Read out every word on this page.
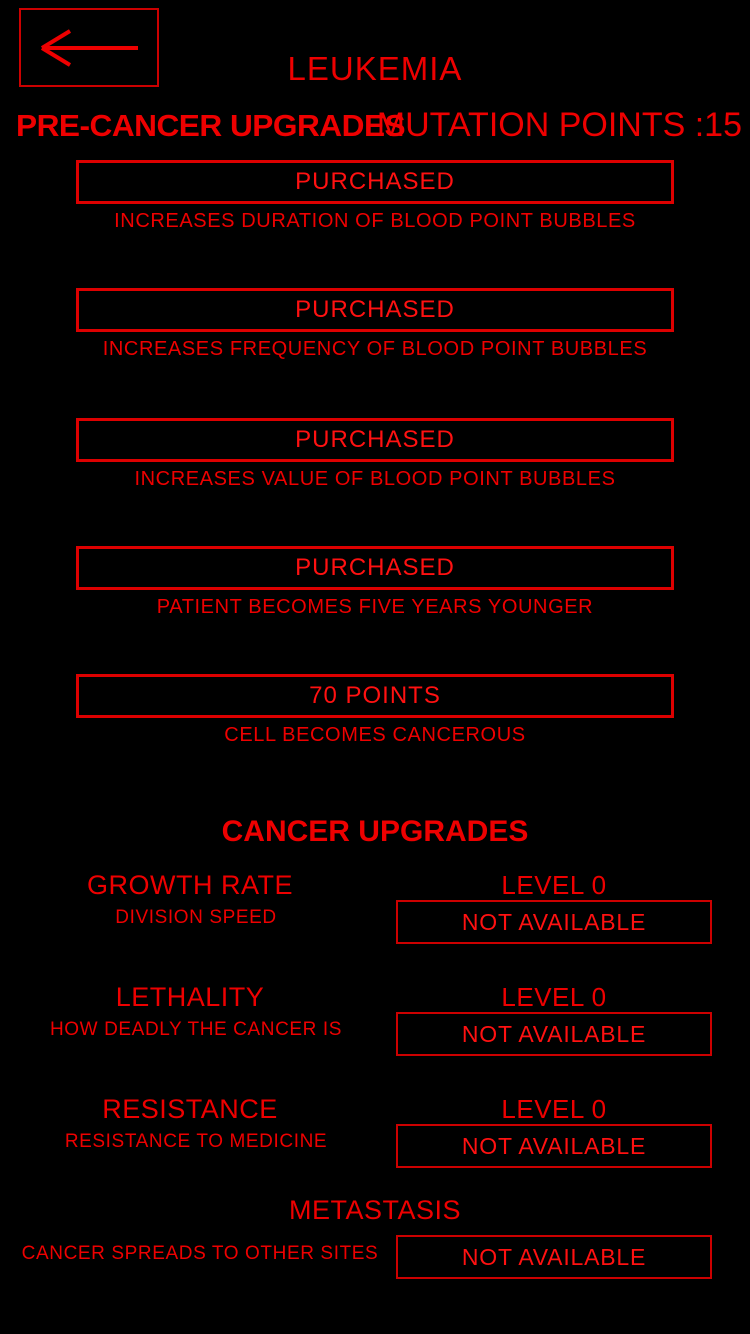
LEUKEMIA
PRE-CANCER UPGRADES
MUTATION POINTS :15
PURCHASED
INCREASES DURATION OF BLOOD POINT BUBBLES
PURCHASED
INCREASES FREQUENCY OF BLOOD POINT BUBBLES
PURCHASED
INCREASES VALUE OF BLOOD POINT BUBBLES
PURCHASED
PATIENT BECOMES FIVE YEARS YOUNGER
70 POINTS
CELL BECOMES CANCEROUS
CANCER UPGRADES
GROWTH RATE
DIVISION SPEED
LEVEL 0
NOT AVAILABLE
LETHALITY
HOW DEADLY THE CANCER IS
LEVEL 0
NOT AVAILABLE
RESISTANCE
RESISTANCE TO MEDICINE
LEVEL 0
NOT AVAILABLE
METASTASIS
CANCER SPREADS TO OTHER SITES	NOT AVAILABLE
